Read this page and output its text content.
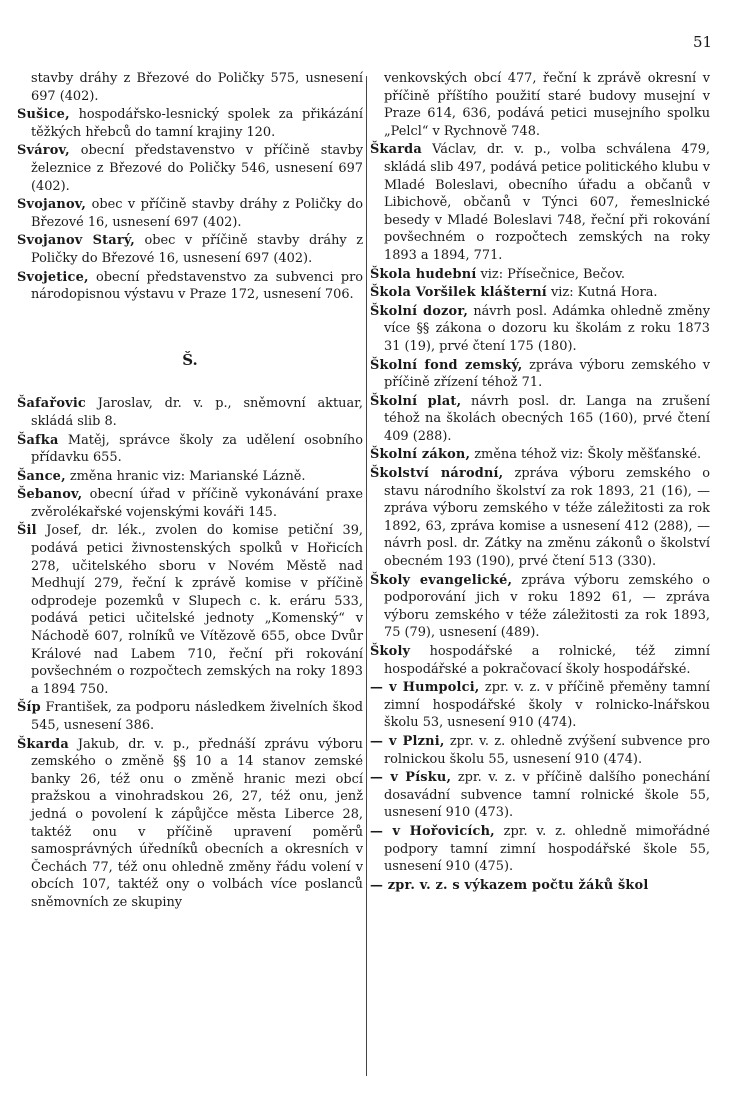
51

stavby dráhy z Březové do Poličky 575, usnesení 697 (402).

Sušice, hospodářsko-lesnický spolek za přikázání těžkých hřebců do tamní krajiny 120.

Svárov, obecní představenstvo v příčině stavby železnice z Březové do Poličky 546, usnesení 697 (402).

Svojanov, obec v příčině stavby dráhy z Poličky do Březové 16, usnesení 697 (402).

Svojanov Starý, obec v příčině stavby dráhy z Poličky do Březové 16, usnesení 697 (402).

Svojetice, obecní představenstvo za subvenci pro národopisnou výstavu v Praze 172, usnesení 706.

Š.

Šafařovic Jaroslav, dr. v. p., sněmovní aktuar, skládá slib 8.

Šafka Matěj, správce školy za udělení osobního přídavku 655.

Šance, změna hranic viz: Marianské Lázně.

Šebanov, obecní úřad v příčině vykonávání praxe zvěrolékařské vojenskými kováři 145.

Šil Josef, dr. lék., zvolen do komise petiční 39, podává petici živnostenských spolků v Hořicích 278, učitelského sboru v Novém Městě nad Medhují 279, řeční k zprávě komise v příčině odprodeje pozemků v Slupech c. k. eráru 533, podává petici učitelské jednoty „Komenský“ v Náchodě 607, rolníků ve Vítězově 655, obce Dvůr Králové nad Labem 710, řeční při rokování povšechném o rozpočtech zemských na roky 1893 a 1894 750.

Šíp František, za podporu následkem živelních škod 545, usnesení 386.

Škarda Jakub, dr. v. p., přednáší zprávu výboru zemského o změně §§ 10 a 14 stanov zemské banky 26, též onu o změně hranic mezi obcí pražskou a vinohradskou 26, 27, též onu, jenž jedná o povolení k zápůjčce města Liberce 28, taktéž onu v příčině upravení poměrů samosprávných úředníků obecních a okresních v Čechách 77, též onu ohledně změny řádu volení v obcích 107, taktéž ony o volbách více poslanců sněmovních ze skupiny

venkovských obcí 477, řeční k zprávě okresní v příčině příštího použití staré budovy musejní v Praze 614, 636, podává petici musejního spolku „Pelcl“ v Rychnově 748.

Škarda Václav, dr. v. p., volba schválena 479, skládá slib 497, podává petice politického klubu v Mladé Boleslavi, obecního úřadu a občanů v Libichově, občanů v Týnci 607, řemeslnické besedy v Mladé Boleslavi 748, řeční při rokování povšechném o rozpočtech zemských na roky 1893 a 1894, 771.

Škola hudební viz: Přísečnice, Bečov.

Škola Voršilek klášterní viz: Kutná Hora.

Školní dozor, návrh posl. Adámka ohledně změny více §§ zákona o dozoru ku školám z roku 1873 31 (19), prvé čtení 175 (180).

Školní fond zemský, zpráva výboru zemského v příčině zřízení téhož 71.

Školní plat, návrh posl. dr. Langa na zrušení téhož na školách obecných 165 (160), prvé čtení 409 (288).

Školní zákon, změna téhož viz: Školy měšťanské.

Školství národní, zpráva výboru zemského o stavu národního školství za rok 1893, 21 (16), — zpráva výboru zemského v téže záležitosti za rok 1892, 63, zpráva komise a usnesení 412 (288), — návrh posl. dr. Zátky na změnu zákonů o školství obecném 193 (190), prvé čtení 513 (330).

Školy evangelické, zpráva výboru zemského o podporování jich v roku 1892 61, — zpráva výboru zemského v téže záležitosti za rok 1893, 75 (79), usnesení (489).

Školy hospodářské a rolnické, též zimní hospodářské a pokračovací školy hospodářské.

— v Humpolci, zpr. v. z. v příčině přeměny tamní zimní hospodářské školy v rolnicko-lnářskou školu 53, usnesení 910 (474).

— v Plzni, zpr. v. z. ohledně zvýšení subvence pro rolnickou školu 55, usnesení 910 (474).

— v Písku, zpr. v. z. v příčině dalšího ponechání dosavádní subvence tamní rolnické škole 55, usnesení 910 (473).

— v Hořovicích, zpr. v. z. ohledně mimořádné podpory tamní zimní hospodářské škole 55, usnesení 910 (475).

— zpr. v. z. s výkazem počtu žáků škol
